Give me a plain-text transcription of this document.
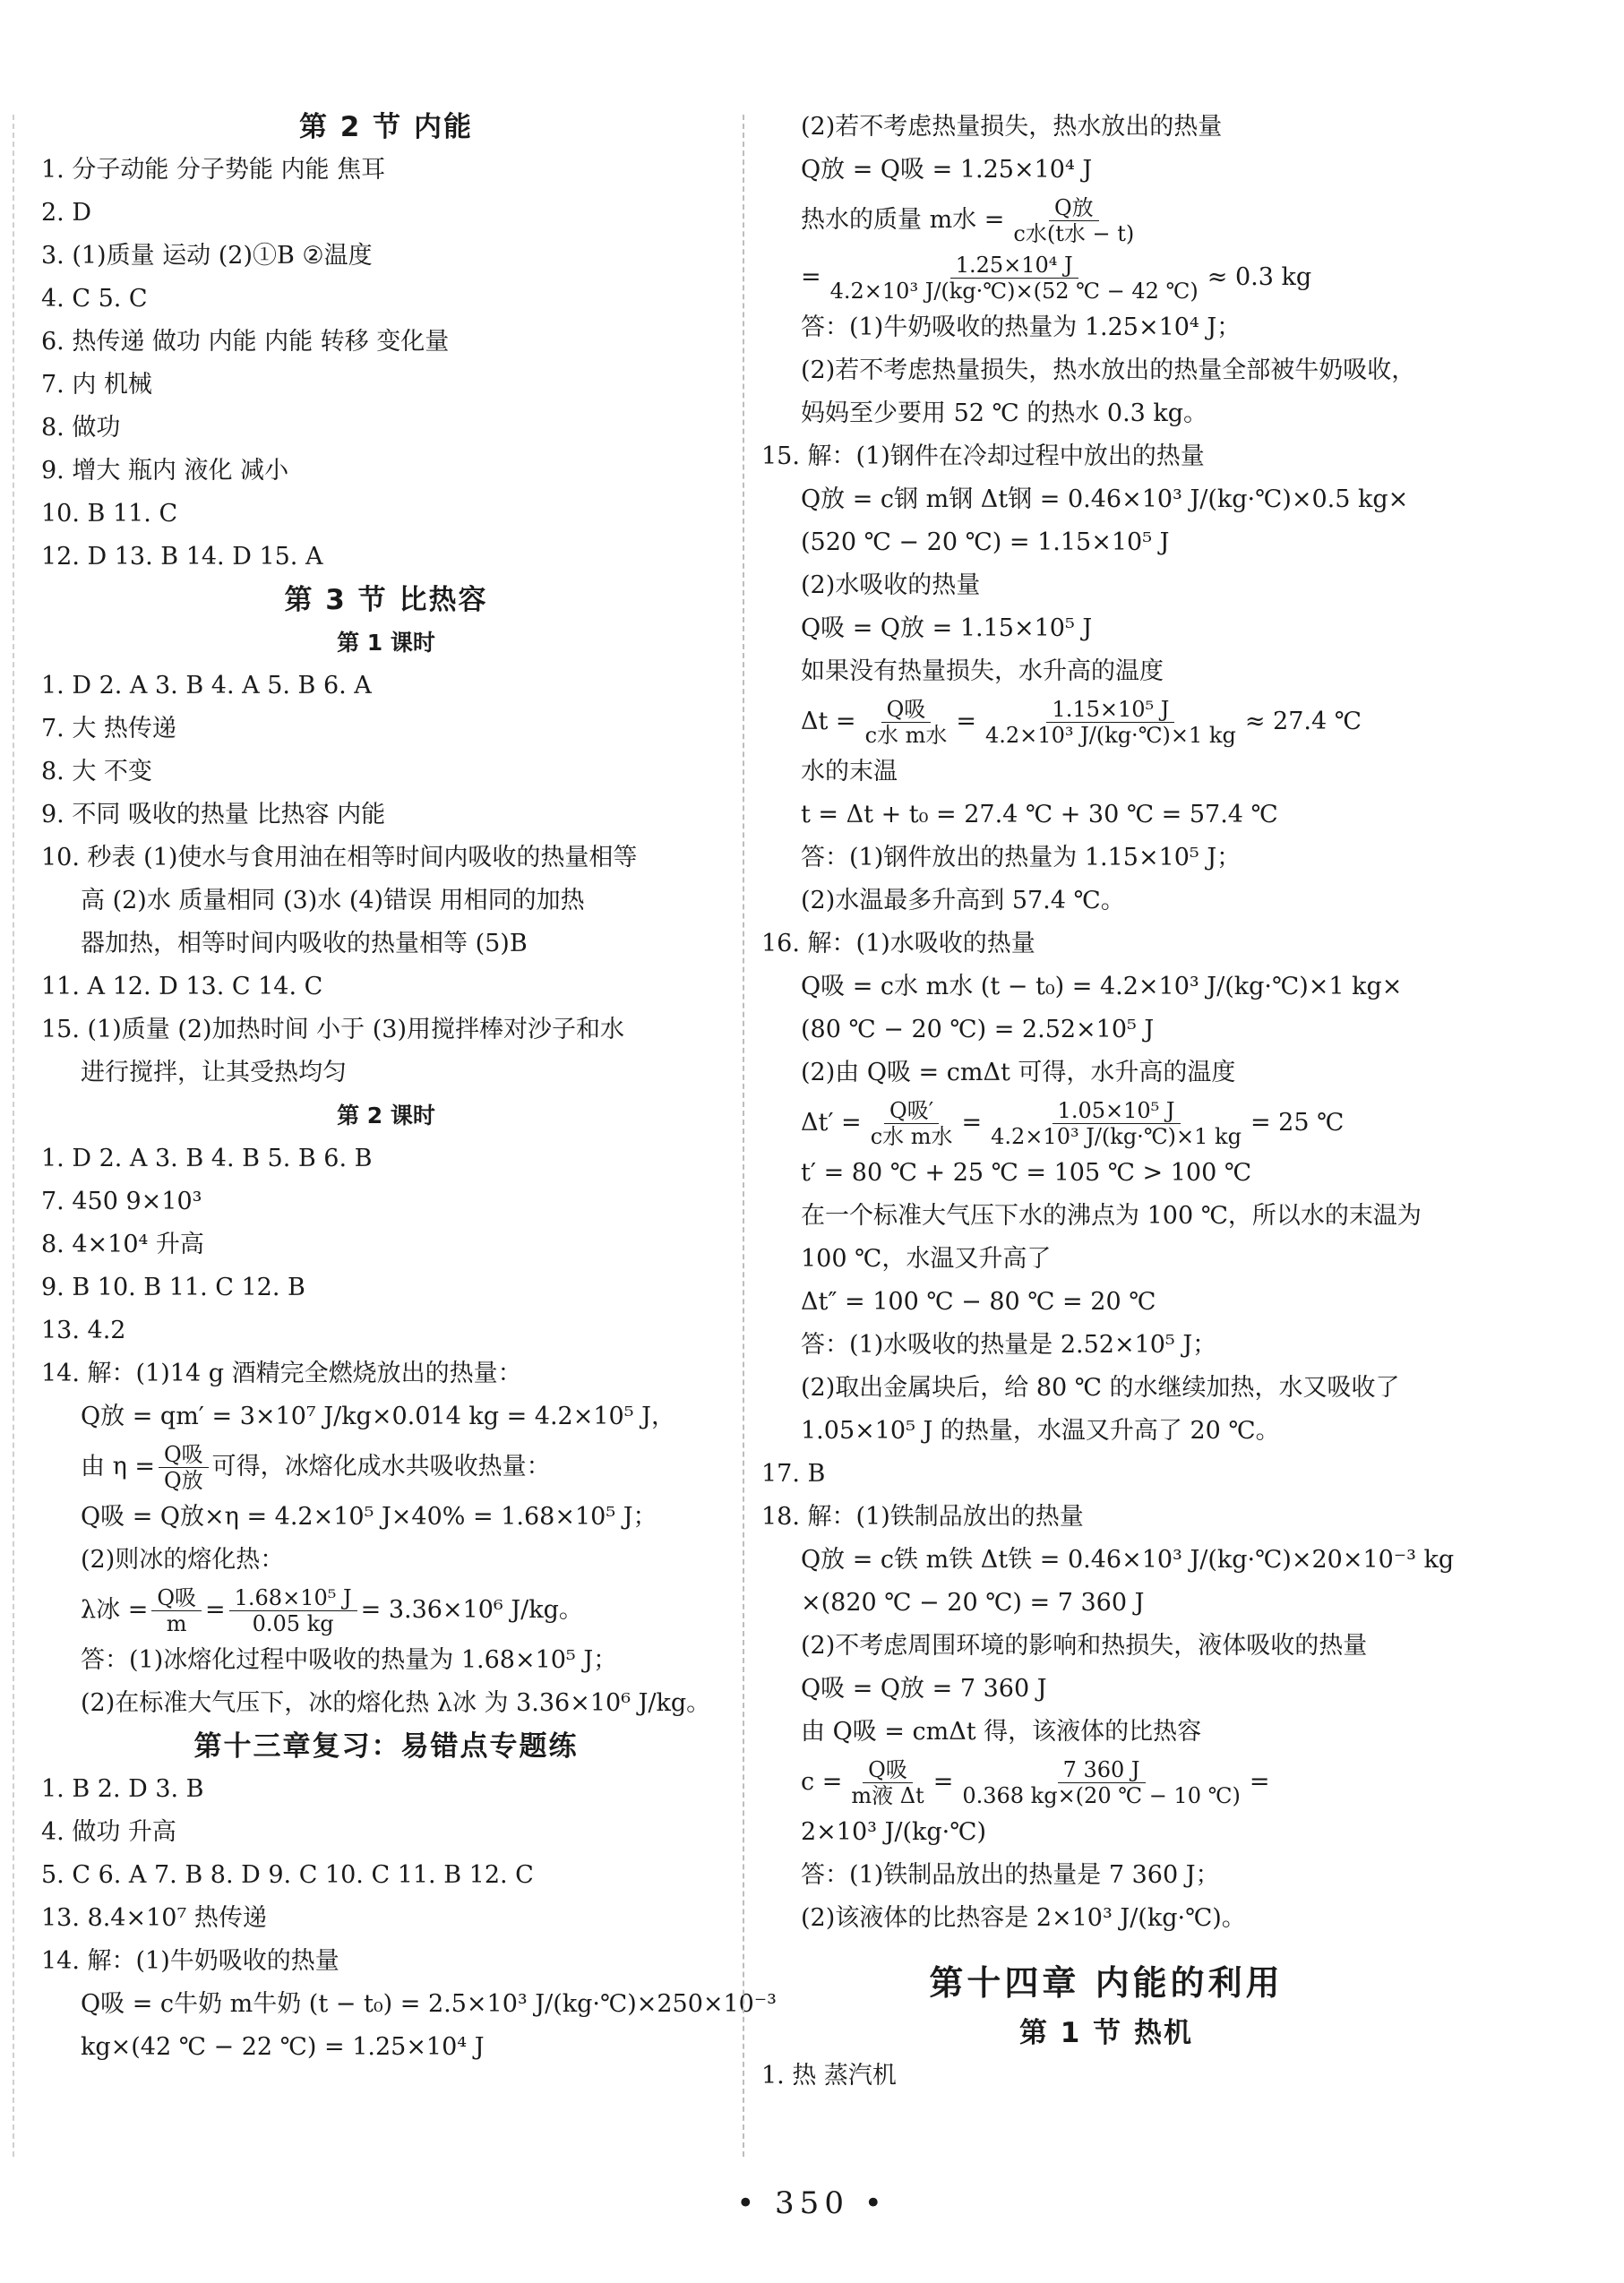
第 2 节 内能
1. 分子动能 分子势能 内能 焦耳
2. D
3. (1)质量 运动 (2)①B ②温度
4. C 5. C
6. 热传递 做功 内能 内能 转移 变化量
7. 内 机械
8. 做功
9. 增大 瓶内 液化 减小
10. B 11. C
12. D 13. B 14. D 15. A
第 3 节 比热容
第 1 课时
1. D 2. A 3. B 4. A 5. B 6. A
7. 大 热传递
8. 大 不变
9. 不同 吸收的热量 比热容 内能
10. 秒表 (1)使水与食用油在相等时间内吸收的热量相等
高 (2)水 质量相同 (3)水 (4)错误 用相同的加热
器加热，相等时间内吸收的热量相等 (5)B
11. A 12. D 13. C 14. C
15. (1)质量 (2)加热时间 小于 (3)用搅拌棒对沙子和水
进行搅拌，让其受热均匀
第 2 课时
1. D 2. A 3. B 4. B 5. B 6. B
7. 450 9×10³
8. 4×10⁴ 升高
9. B 10. B 11. C 12. B
13. 4.2
14. 解：(1)14 g 酒精完全燃烧放出的热量：
Q放 = qm′ = 3×10⁷ J/kg×0.014 kg = 4.2×10⁵ J，
由 $\eta = \frac{\text{Q吸}}{\text{Q放}}$ 可得，冰熔化成水共吸收热量：
Q吸 = Q放×η = 4.2×10⁵ J×40% = 1.68×10⁵ J；
(2)则冰的熔化热：
λ冰 = $\frac{\text{Q吸}}{m} = \frac{\text{1.68×10⁵ J}}{0.05 kg} = 3.36\times 10^6$ J/kg。
答：(1)冰熔化过程中吸收的热量为 1.68×10⁵ J；
(2)在标准大气压下，冰的熔化热 λ冰 为 3.36×10⁶ J/kg。
第十三章复习：易错点专题练
1. B 2. D 3. B
4. 做功 升高
5. C 6. A 7. B 8. D 9. C 10. C 11. B 12. C
13. 8.4×10⁷ 热传递
14. 解：(1)牛奶吸收的热量
Q吸 = c牛奶 m牛奶 (t − t₀) = 2.5×10³ J/(kg·℃)×250×10⁻³
kg×(42 ℃ − 22 ℃) = 1.25×10⁴ J
(2)若不考虑热量损失，热水放出的热量
Q放 = Q吸 = 1.25×10⁴ J
热水的质量 m水 = $\frac{\text{Q放}}{\text{c水(t水 − t)}}$
= $\frac{\text{1.25×10⁴ J}}{\text{4.2×10³ J/(kg·℃)×(52 ℃ − 42 ℃)}} \approx 0.3$ kg
答：(1)牛奶吸收的热量为 1.25×10⁴ J；
(2)若不考虑热量损失，热水放出的热量全部被牛奶吸收，
妈妈至少要用 52 ℃ 的热水 0.3 kg。
15. 解：(1)钢件在冷却过程中放出的热量
Q放 = c钢 m钢 Δt钢 = 0.46×10³ J/(kg·℃)×0.5 kg×
(520 ℃ − 20 ℃) = 1.15×10⁵ J
(2)水吸收的热量
Q吸 = Q放 = 1.15×10⁵ J
如果没有热量损失，水升高的温度
$\Delta t = \frac{\text{Q吸}}{\text{c水 m水}} = \frac{\text{1.15×10⁵ J}}{\text{4.2×10³ J/(kg·℃)×1 kg}} \approx 27.4$ ℃
水的末温
t = Δt + t₀ = 27.4 ℃ + 30 ℃ = 57.4 ℃
答：(1)钢件放出的热量为 1.15×10⁵ J；
(2)水温最多升高到 57.4 ℃。
16. 解：(1)水吸收的热量
Q吸 = c水 m水 (t − t₀) = 4.2×10³ J/(kg·℃)×1 kg×
(80 ℃ − 20 ℃) = 2.52×10⁵ J
(2)由 Q吸 = cmΔt 可得，水升高的温度
$\Delta t' = \frac{\text{Q吸′}}{\text{c水 m水}} = \frac{\text{1.05×10⁵ J}}{\text{4.2×10³ J/(kg·℃)×1 kg}} = 25$ ℃
t′ = 80 ℃ + 25 ℃ = 105 ℃ > 100 ℃
在一个标准大气压下水的沸点为 100 ℃，所以水的末温为
100 ℃，水温又升高了
Δt″ = 100 ℃ − 80 ℃ = 20 ℃
答：(1)水吸收的热量是 2.52×10⁵ J；
(2)取出金属块后，给 80 ℃ 的水继续加热，水又吸收了
1.05×10⁵ J 的热量，水温又升高了 20 ℃。
17. B
18. 解：(1)铁制品放出的热量
Q放 = c铁 m铁 Δt铁 = 0.46×10³ J/(kg·℃)×20×10⁻³ kg
×(820 ℃ − 20 ℃) = 7 360 J
(2)不考虑周围环境的影响和热损失，液体吸收的热量
Q吸 = Q放 = 7 360 J
由 Q吸 = cmΔt 得，该液体的比热容
$c = \frac{\text{Q吸}}{\text{m液 Δt}} = \frac{7 360 J}{0.368 kg\times(20 ℃ - 10 ℃)}$ =
2×10³ J/(kg·℃)
答：(1)铁制品放出的热量是 7 360 J；
(2)该液体的比热容是 2×10³ J/(kg·℃)。
第十四章 内能的利用
第 1 节 热机
1. 热 蒸汽机
• 350 •
